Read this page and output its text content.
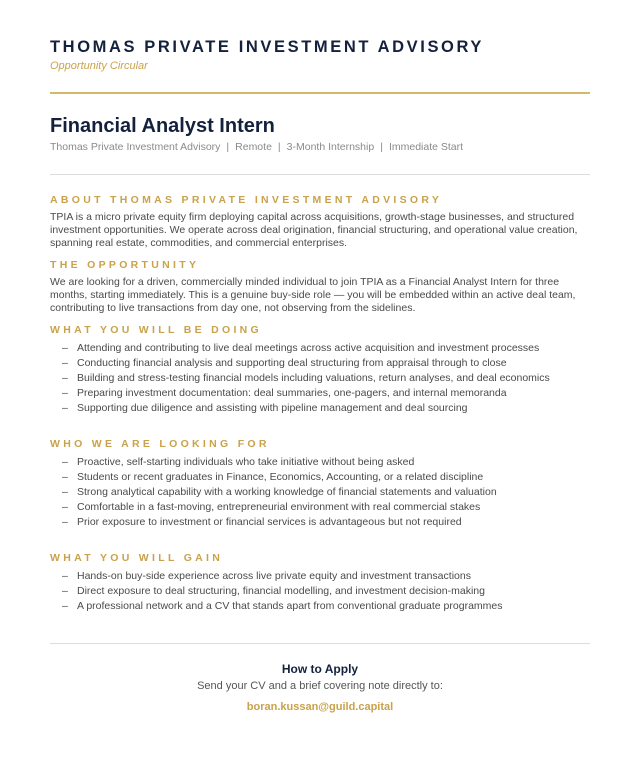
THOMAS PRIVATE INVESTMENT ADVISORY
Opportunity Circular
Financial Analyst Intern
Thomas Private Investment Advisory | Remote | 3-Month Internship | Immediate Start
ABOUT THOMAS PRIVATE INVESTMENT ADVISORY

TPIA is a micro private equity firm deploying capital across acquisitions, growth-stage businesses, and structured investment opportunities. We operate across deal origination, financial structuring, and operational value creation, spanning real estate, commodities, and commercial enterprises.

THE OPPORTUNITY

We are looking for a driven, commercially minded individual to join TPIA as a Financial Analyst Intern for three months, starting immediately. This is a genuine buy-side role — you will be embedded within an active deal team, contributing to live transactions from day one, not observing from the sidelines.

WHAT YOU WILL BE DOING
– Attending and contributing to live deal meetings across active acquisition and investment processes
– Conducting financial analysis and supporting deal structuring from appraisal through to close
– Building and stress-testing financial models including valuations, return analyses, and deal economics
– Preparing investment documentation: deal summaries, one-pagers, and internal memoranda
– Supporting due diligence and assisting with pipeline management and deal sourcing
WHO WE ARE LOOKING FOR
– Proactive, self-starting individuals who take initiative without being asked
– Students or recent graduates in Finance, Economics, Accounting, or a related discipline
– Strong analytical capability with a working knowledge of financial statements and valuation
– Comfortable in a fast-moving, entrepreneurial environment with real commercial stakes
– Prior exposure to investment or financial services is advantageous but not required
WHAT YOU WILL GAIN
– Hands-on buy-side experience across live private equity and investment transactions
– Direct exposure to deal structuring, financial modelling, and investment decision-making
– A professional network and a CV that stands apart from conventional graduate programmes
How to Apply
Send your CV and a brief covering note directly to:
boran.kussan@guild.capital
